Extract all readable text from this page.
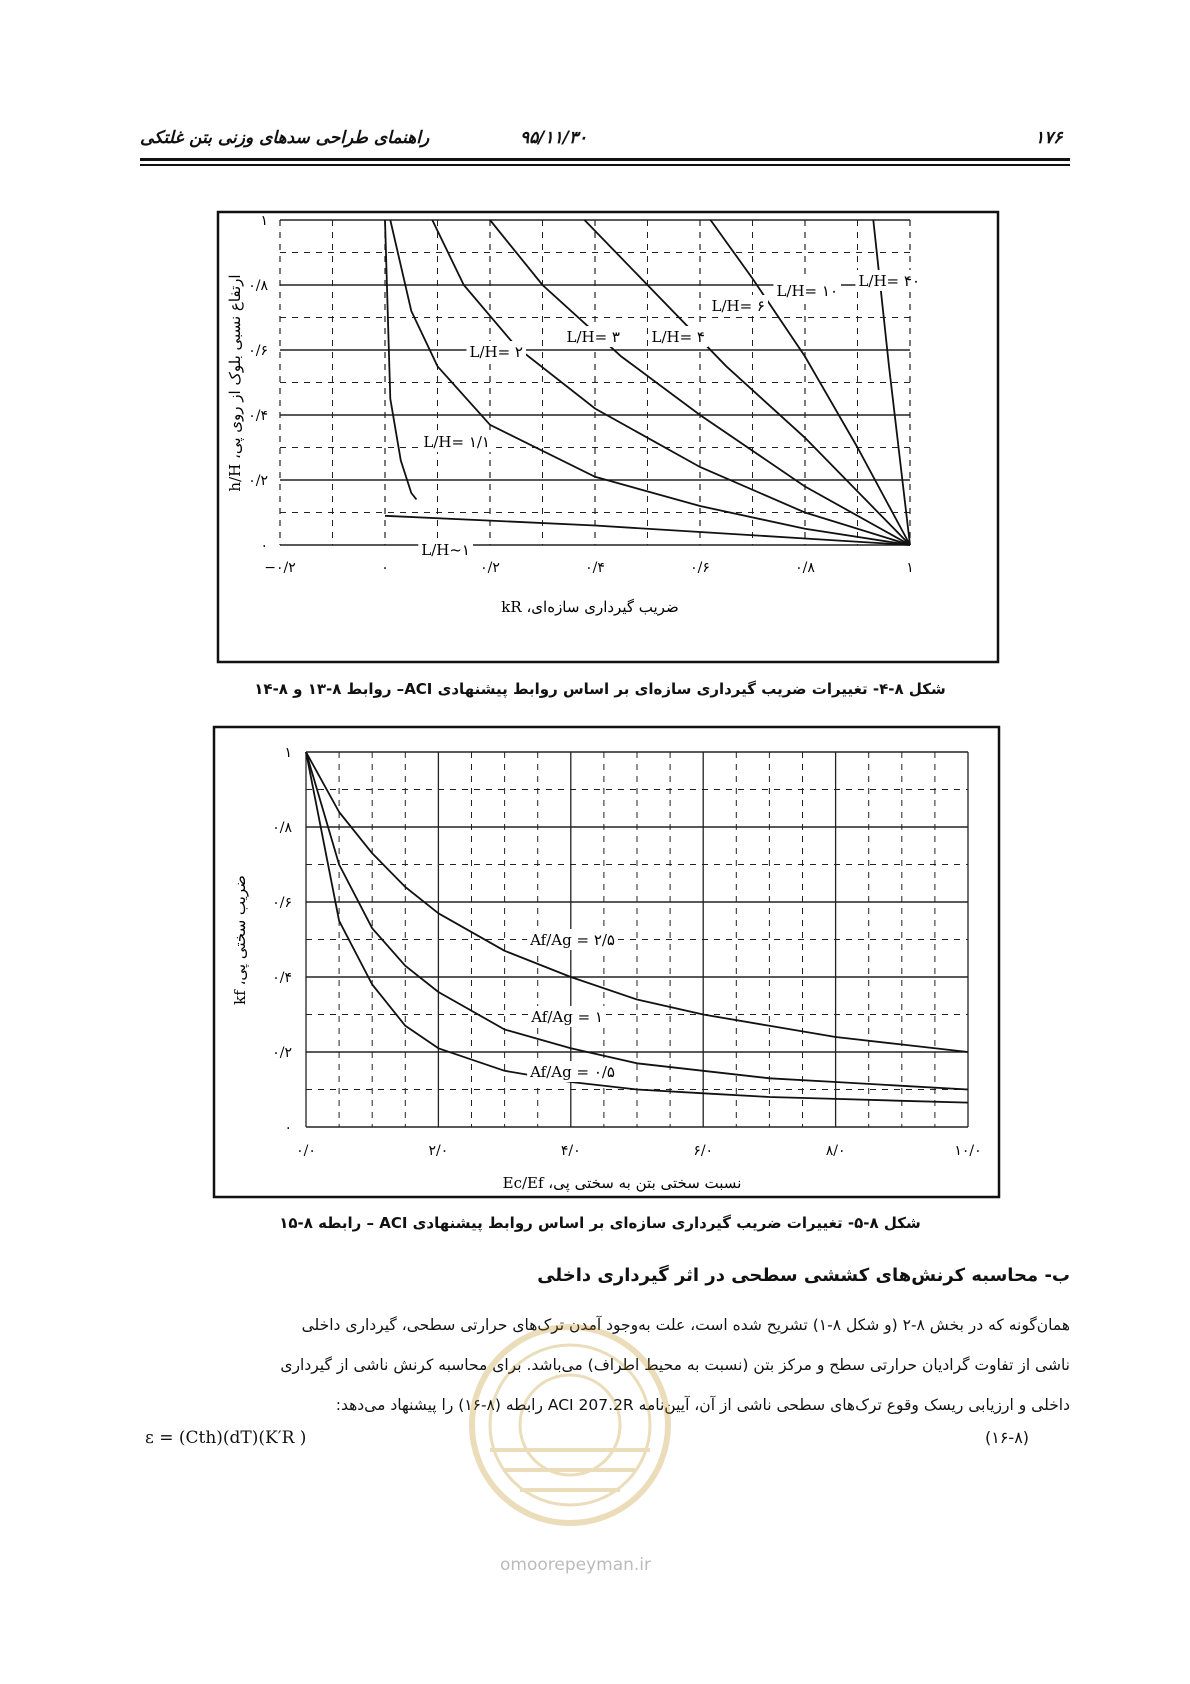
۱۷۶
۹۵/۱۱/۳۰
راهنمای طراحی سدهای وزنی بتن غلتکی
−۰/۲	۰	۰/۲	۰/۴	۰/۶	۰/۸	۱
۰
۰/۲
۰/۴
۰/۶
۰/۸
۱
ضریب گیرداری سازه‌ای، kR
ارتفاع نسبی بلوک از روی پی، h/H
L/H~۱
L/H= ۱/۱
L/H= ۲
L/H= ۳ L/H= ۴
L/H= ۶
L/H= ۱۰
L/H= ۴۰
۰/۰	۲/۰	۴/۰	۶/۰	۸/۰	۱۰/۰
۰
۰/۲
۰/۴
۰/۶
۰/۸
۱
نسبت سختی بتن به سختی پی، Ec/Ef
ضریب سختی پی، kf	Af/Ag = ۲/۵
Af/Ag = ۱
Af/Ag = ۰/۵
شکل ۸-۴- تغییرات ضریب گیرداری سازه‌ای بر اساس روابط پیشنهادی ACI– روابط ۸-۱۳ و ۸-۱۴
شکل ۸-۵- تغییرات ضریب گیرداری سازه‌ای بر اساس روابط پیشنهادی ACI – رابطه ۸-۱۵
ب- محاسبه کرنش‌های کششی سطحی در اثر گیرداری داخلی
همان‌گونه که در بخش ۸-۲ (و شکل ۸-۱) تشریح شده است، علت به‌وجود آمدن ترک‌های حرارتی سطحی، گیرداری داخلی
ناشی از تفاوت گرادیان حرارتی سطح و مرکز بتن (نسبت به محیط اطراف) می‌باشد. برای محاسبه کرنش ناشی از گیرداری
داخلی و ارزیابی ریسک وقوع ترک‌های سطحی ناشی از آن، آیین‌نامه ACI 207.2R رابطه (۸-۱۶) را پیشنهاد می‌دهد:
ε = (Cth)(dT)(K′R )	(۱۶-۸)
omoorepeyman.ir
